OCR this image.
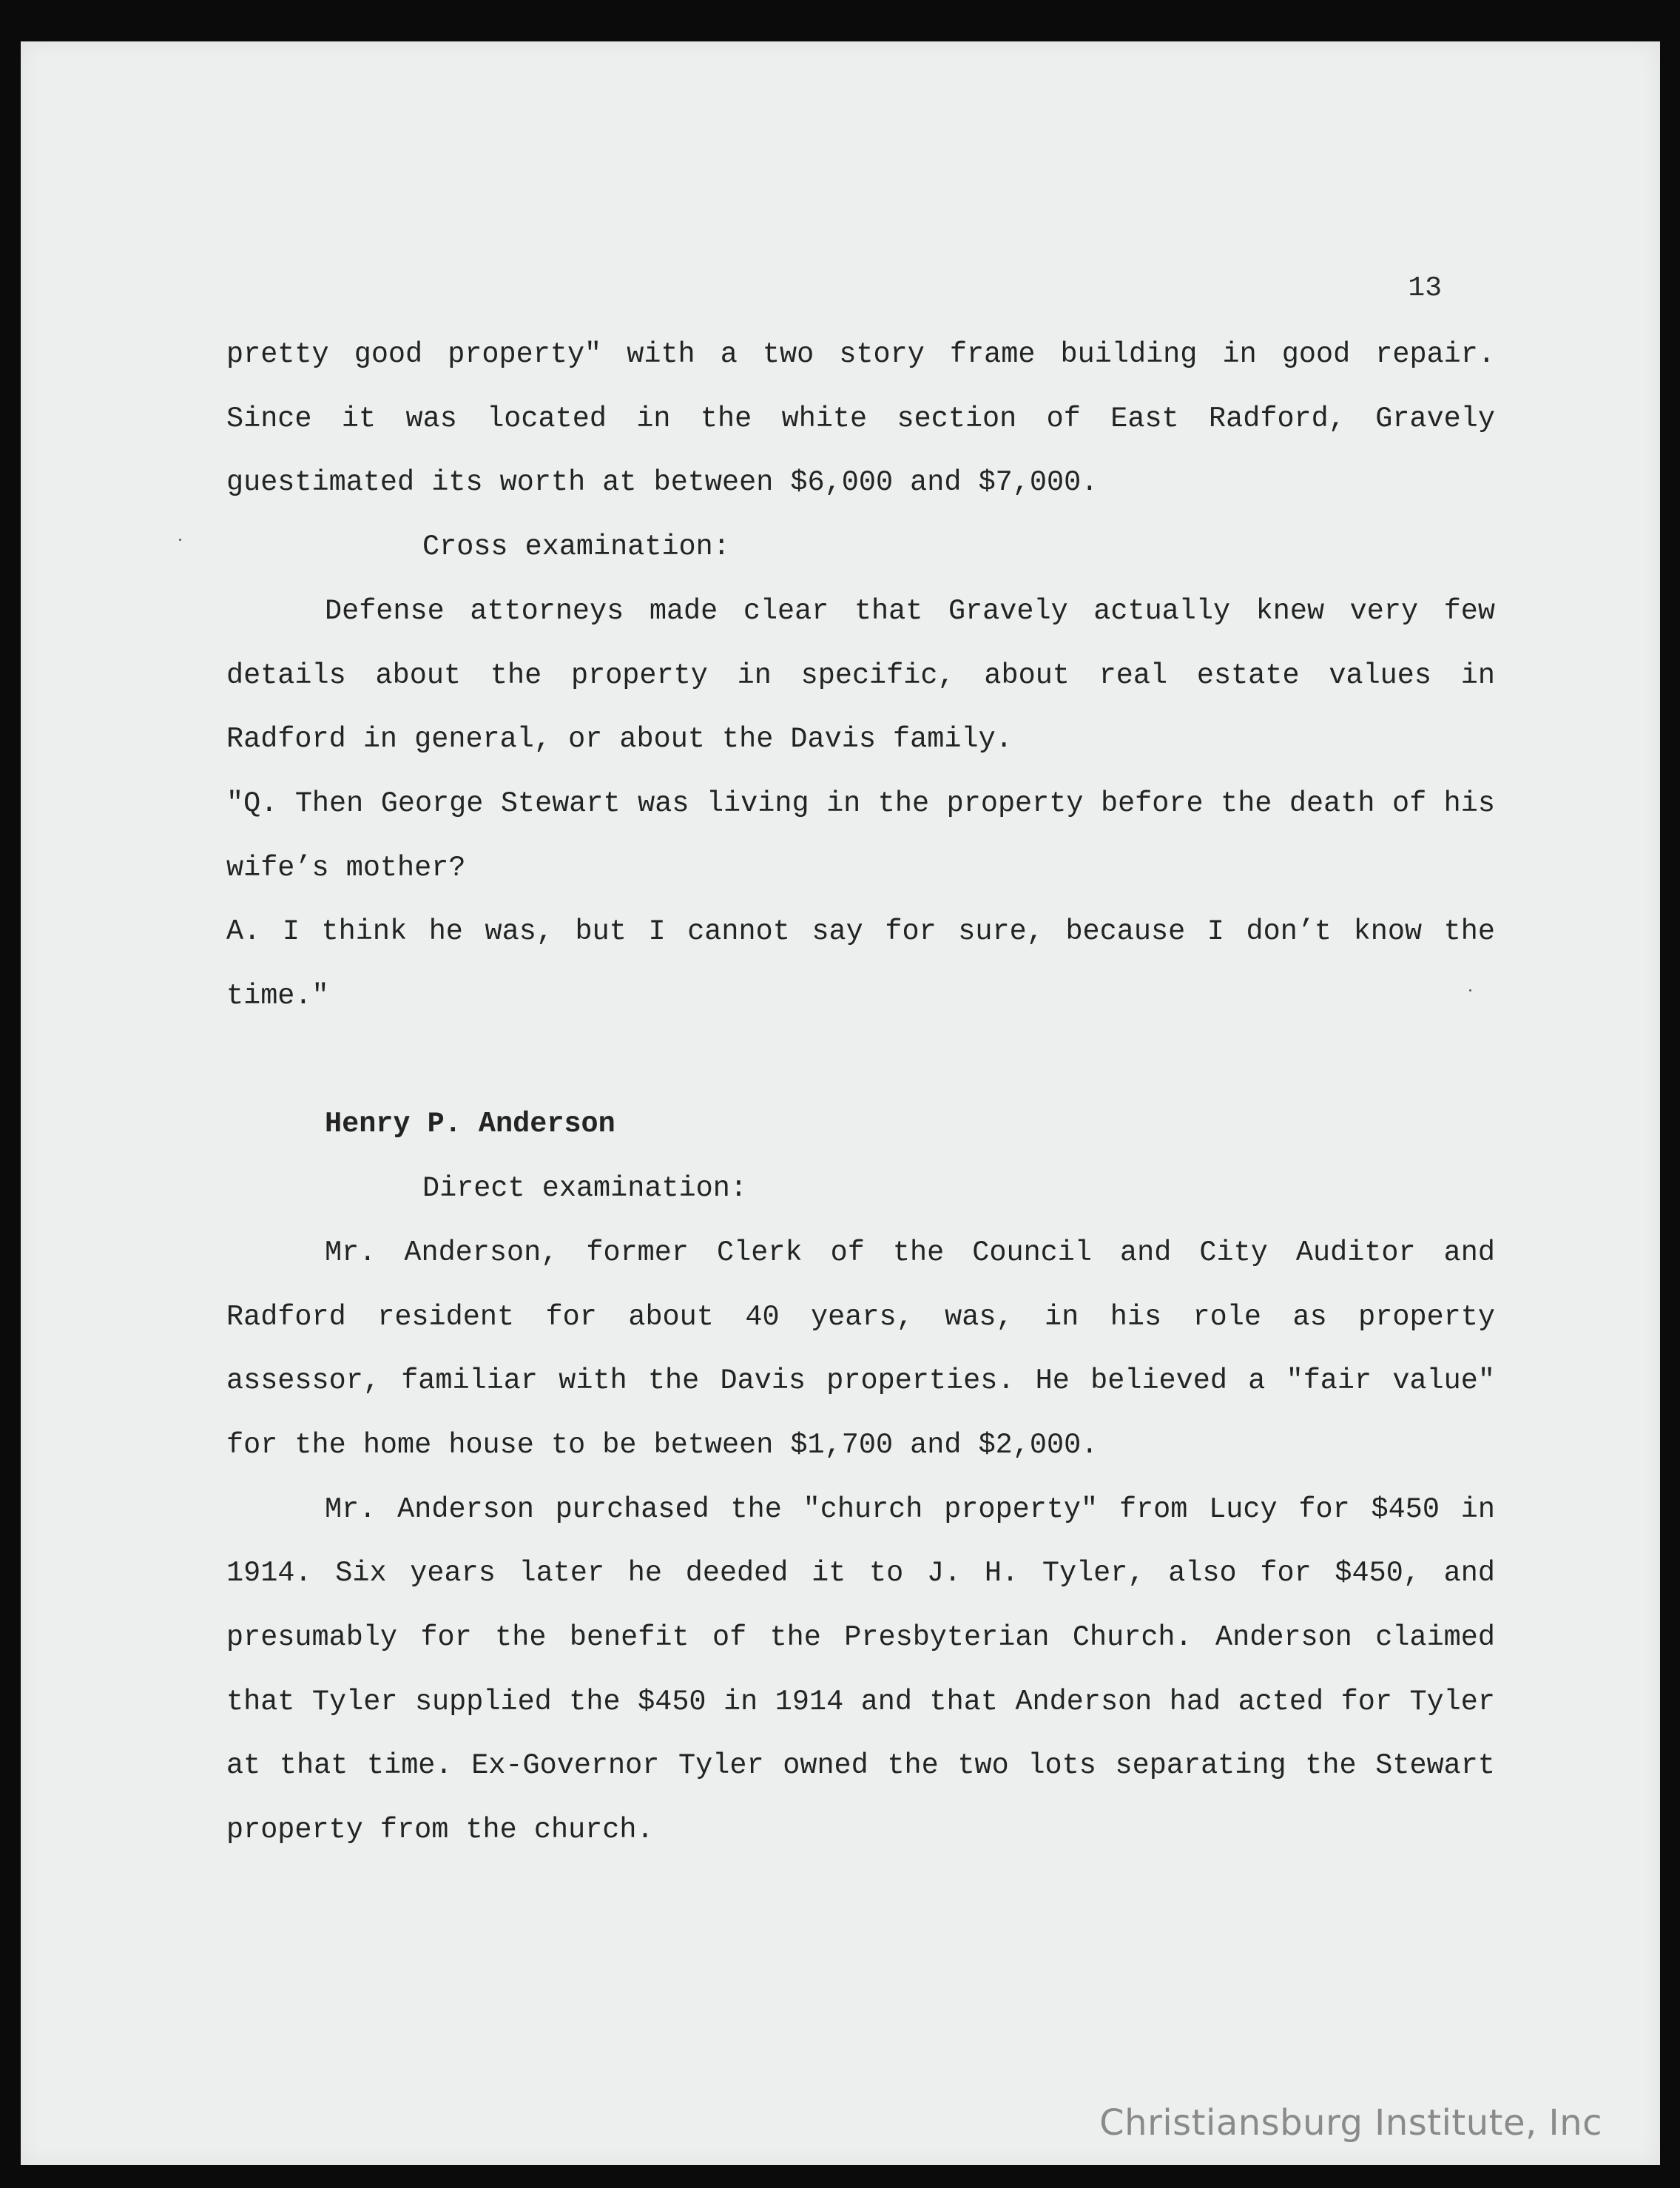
13

pretty good property" with a two story frame building in good repair. Since it was located in the white section of East Radford, Gravely guestimated its worth at between $6,000 and $7,000.

Cross examination:

Defense attorneys made clear that Gravely actually knew very few details about the property in specific, about real estate values in Radford in general, or about the Davis family.

"Q. Then George Stewart was living in the property before the death of his wife’s mother?

A. I think he was, but I cannot say for sure, because I don’t know the time."

Henry P. Anderson

Direct examination:

Mr. Anderson, former Clerk of the Council and City Auditor and Radford resident for about 40 years, was, in his role as property assessor, familiar with the Davis properties. He believed a "fair value" for the home house to be between $1,700 and $2,000.

Mr. Anderson purchased the "church property" from Lucy for $450 in 1914. Six years later he deeded it to J. H. Tyler, also for $450, and presumably for the benefit of the Presbyterian Church. Anderson claimed that Tyler supplied the $450 in 1914 and that Anderson had acted for Tyler at that time. Ex-Governor Tyler owned the two lots separating the Stewart property from the church.

Christiansburg Institute, Inc
